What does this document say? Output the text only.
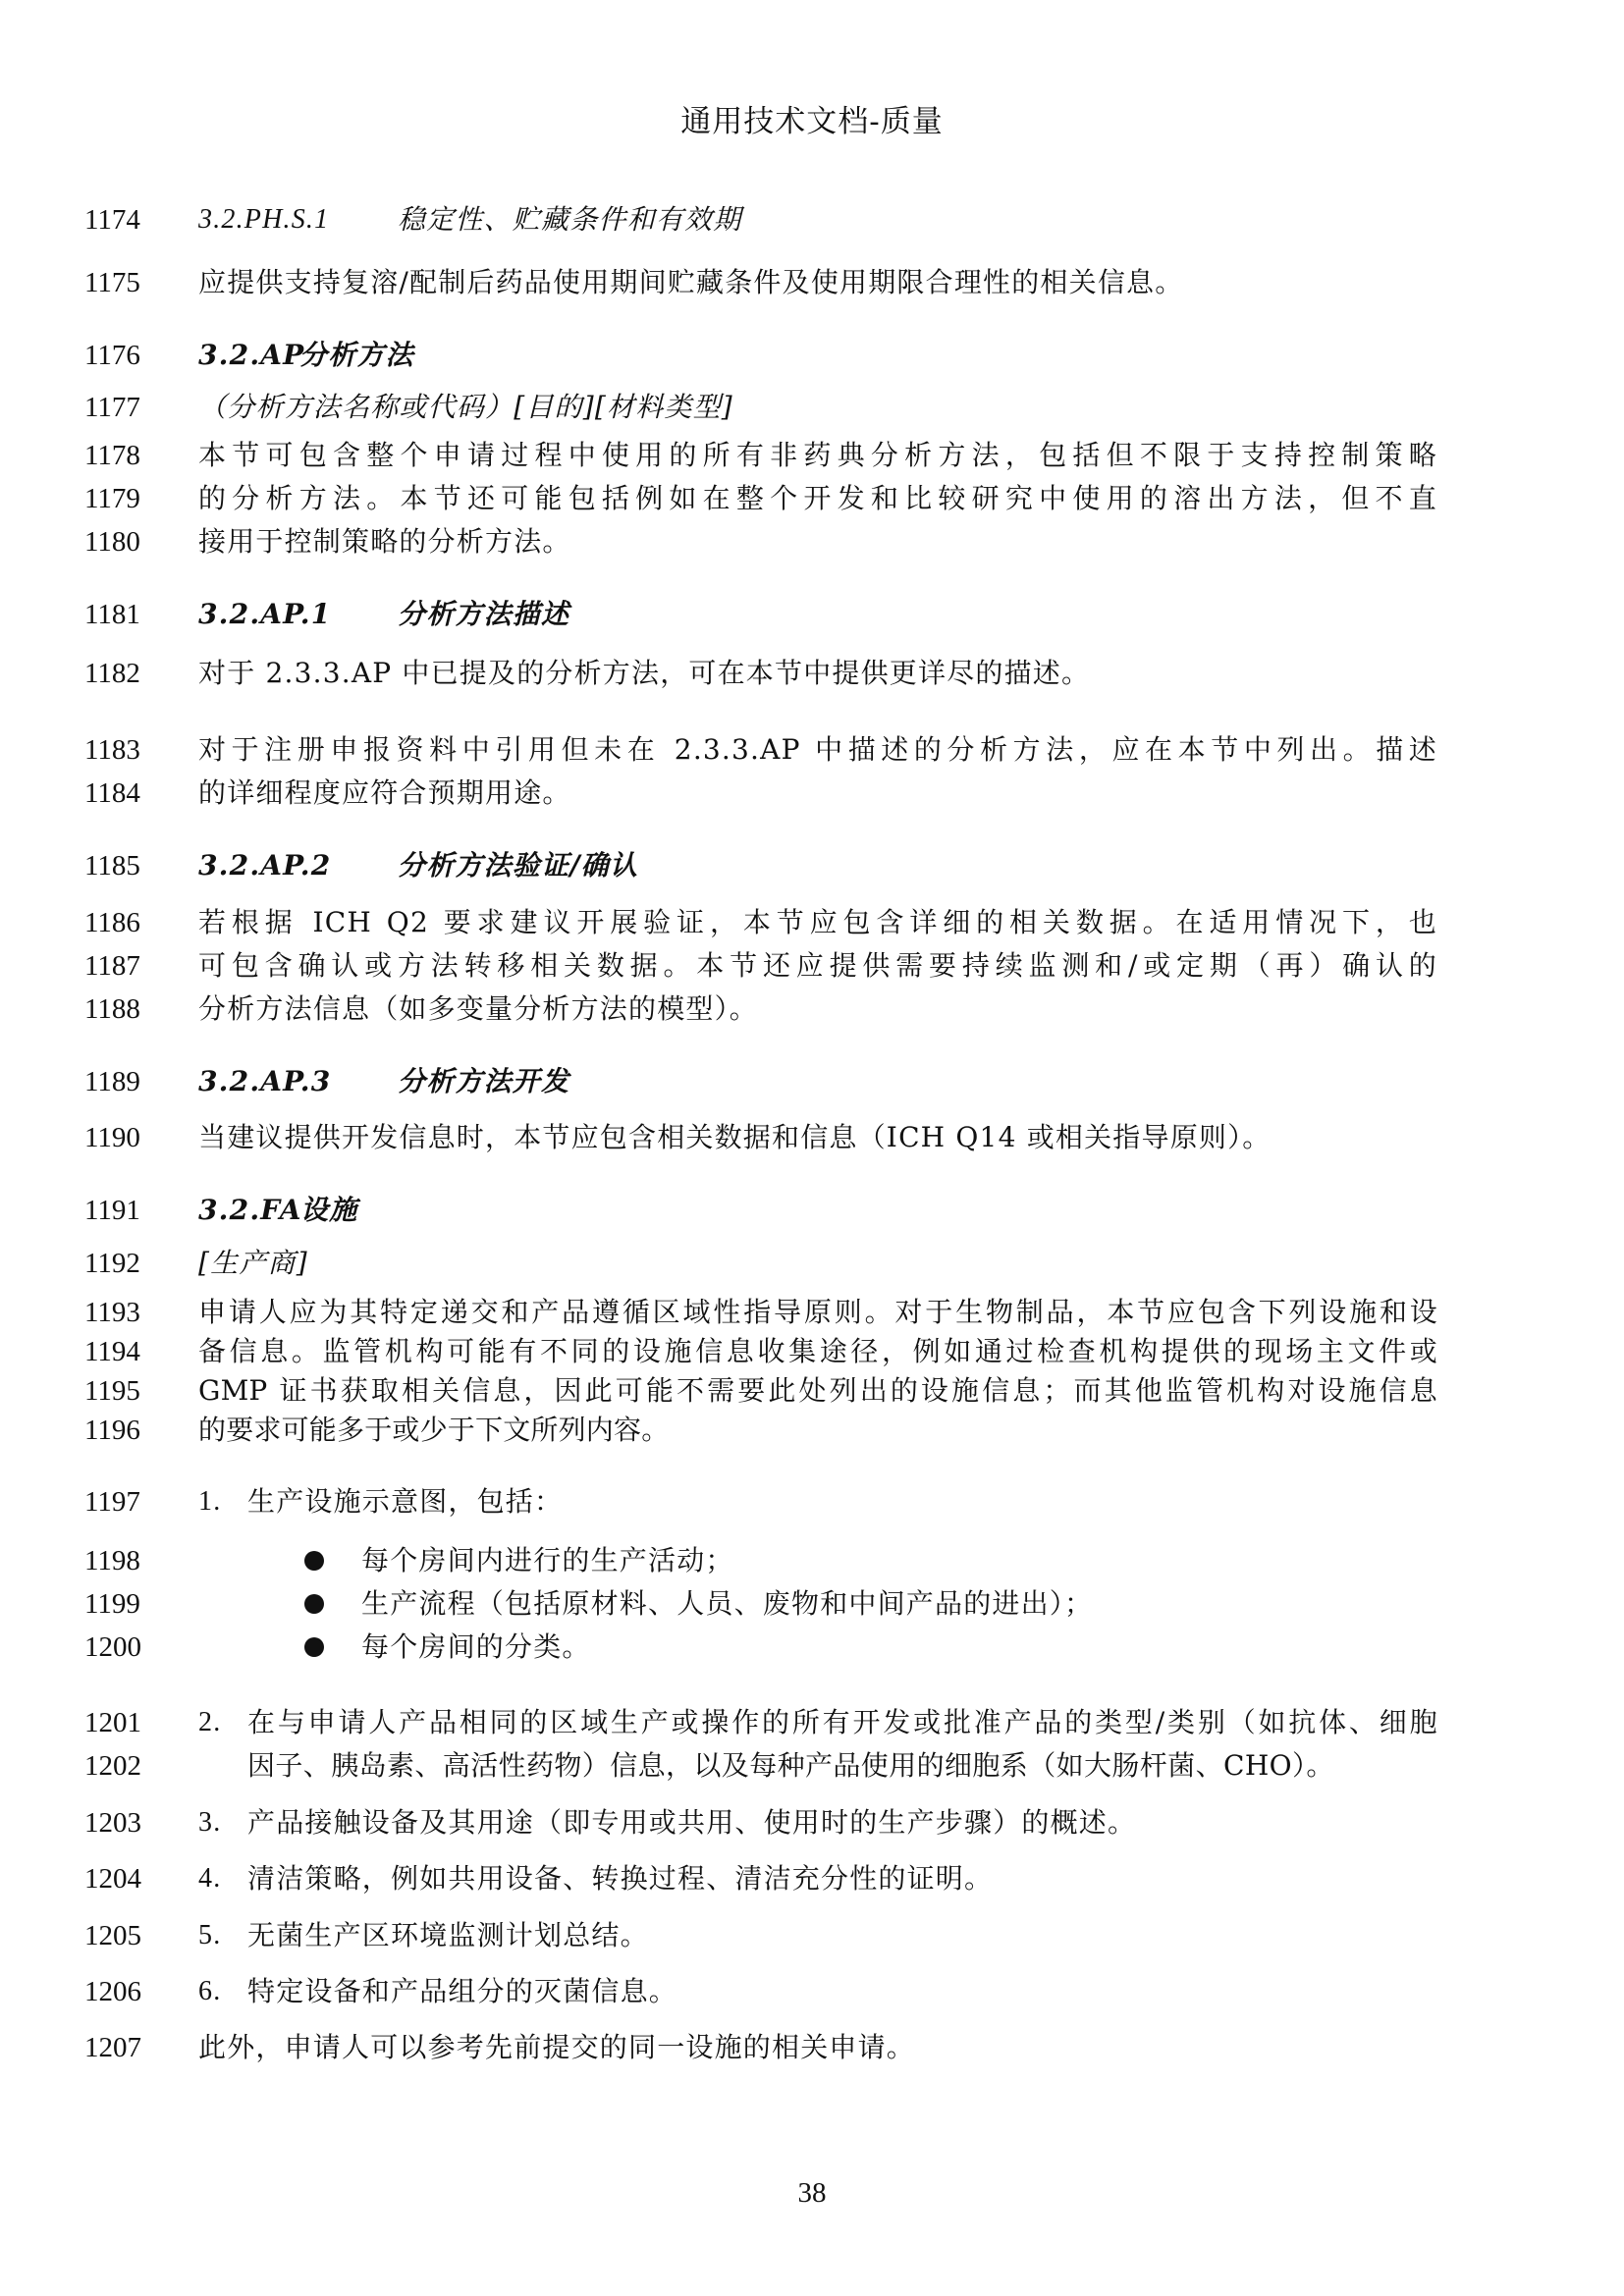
通用技术文档-质量
1174	3.2.PH.S.1	稳定性、贮藏条件和有效期
1175	应提供支持复溶/配制后药品使用期间贮藏条件及使用期限合理性的相关信息。
1176	3.2.AP
分析方法
1177	（分析方法名称或代码）[目的][材料类型]
1178	本节可包含整个申请过程中使用的所有非药典分析方法，包括但不限于支持控制策略
1179	的分析方法。本节还可能包括例如在整个开发和比较研究中使用的溶出方法，但不直
1180	接用于控制策略的分析方法。
1181	3.2.AP.1	分析方法描述
1182	对于 2.3.3.AP 中已提及的分析方法，可在本节中提供更详尽的描述。
1183	对于注册申报资料中引用但未在 2.3.3.AP 中描述的分析方法，应在本节中列出。描述
1184	的详细程度应符合预期用途。
1185	3.2.AP.2	分析方法验证/确认
1186	若根据 ICH Q2 要求建议开展验证，本节应包含详细的相关数据。在适用情况下，也
1187	可包含确认或方法转移相关数据。本节还应提供需要持续监测和/或定期（再）确认的
1188	分析方法信息（如多变量分析方法的模型）。
1189	3.2.AP.3	分析方法开发
1190	当建议提供开发信息时，本节应包含相关数据和信息（ICH Q14 或相关指导原则）。
1191	3.2.FA
设施
1192	[生产商]
1193	申请人应为其特定递交和产品遵循区域性指导原则。对于生物制品，本节应包含下列设施和设
1194	备信息。监管机构可能有不同的设施信息收集途径，例如通过检查机构提供的现场主文件或
1195	GMP 证书获取相关信息，因此可能不需要此处列出的设施信息；而其他监管机构对设施信息
1196	的要求可能多于或少于下文所列内容。
1197	1. 生产设施示意图，包括：
1198	每个房间内进行的生产活动；
1199	生产流程（包括原材料、人员、废物和中间产品的进出）；
1200	每个房间的分类。
1201	2. 在与申请人产品相同的区域生产或操作的所有开发或批准产品的类型/类别（如抗体、细胞
1202	因子、胰岛素、高活性药物）信息，以及每种产品使用的细胞系（如大肠杆菌、CHO）。
1203	3. 产品接触设备及其用途（即专用或共用、使用时的生产步骤）的概述。
1204	4. 清洁策略，例如共用设备、转换过程、清洁充分性的证明。
1205	5. 无菌生产区环境监测计划总结。
1206	6. 特定设备和产品组分的灭菌信息。
1207	此外，申请人可以参考先前提交的同一设施的相关申请。
38
